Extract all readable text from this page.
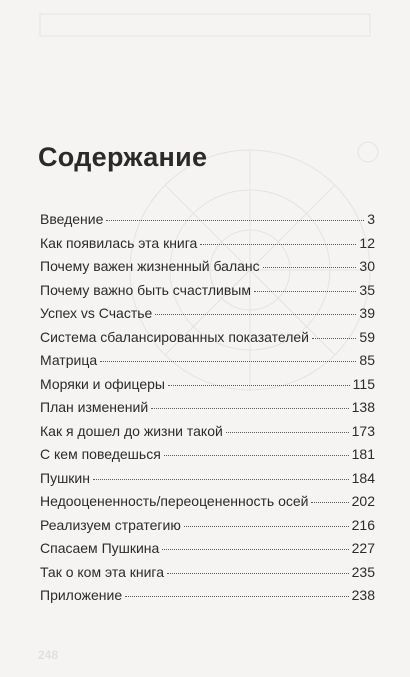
Содержание
Введение	3
Как появилась эта книга	12
Почему важен жизненный баланс	30
Почему важно быть счастливым	35
Успех vs Счастье	39
Система сбалансированных показателей	59
Матрица	85
Моряки и офицеры	115
План изменений	138
Как я дошел до жизни такой	173
С кем поведешься	181
Пушкин	184
Недооцененность/переоцененность осей	202
Реализуем стратегию	216
Спасаем Пушкина	227
Так о ком эта книга	235
Приложение	238
248
